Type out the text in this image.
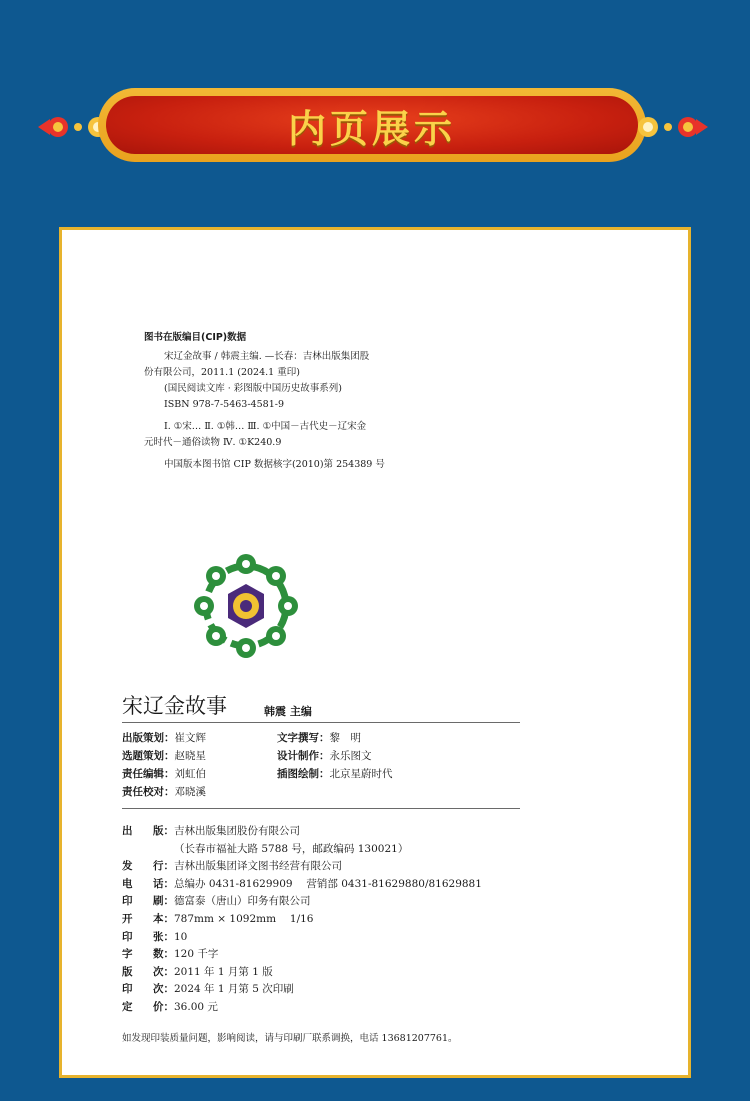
内页展示
图书在版编目(CIP)数据
宋辽金故事 / 韩震主编. —长春：吉林出版集团股
份有限公司，2011.1 (2024.1 重印)
(国民阅读文库 · 彩图版中国历史故事系列)
ISBN 978-7-5463-4581-9
Ⅰ. ①宋… Ⅱ. ①韩… Ⅲ. ①中国－古代史－辽宋金
元时代－通俗读物 Ⅳ. ①K240.9
中国版本图书馆 CIP 数据核字(2010)第 254389 号
宋辽金故事	韩震 主编
出版策划：崔文辉	文字撰写：黎　明
选题策划：赵晓星	设计制作：永乐图文
责任编辑：刘虹伯	插图绘制：北京星蔚时代
责任校对：邓晓溪
出 版： 吉林出版集团股份有限公司
（长春市福祉大路 5788 号，邮政编码 130021）
发 行： 吉林出版集团译文图书经营有限公司
电 话： 总编办 0431-81629909　 营销部 0431-81629880/81629881
印 刷： 德富泰（唐山）印务有限公司
开 本： 787mm × 1092mm　 1/16
印 张： 10
字 数： 120 千字
版 次： 2011 年 1 月第 1 版
印 次： 2024 年 1 月第 5 次印刷
定 价： 36.00 元
如发现印装质量问题，影响阅读，请与印刷厂联系调换，电话 13681207761。
